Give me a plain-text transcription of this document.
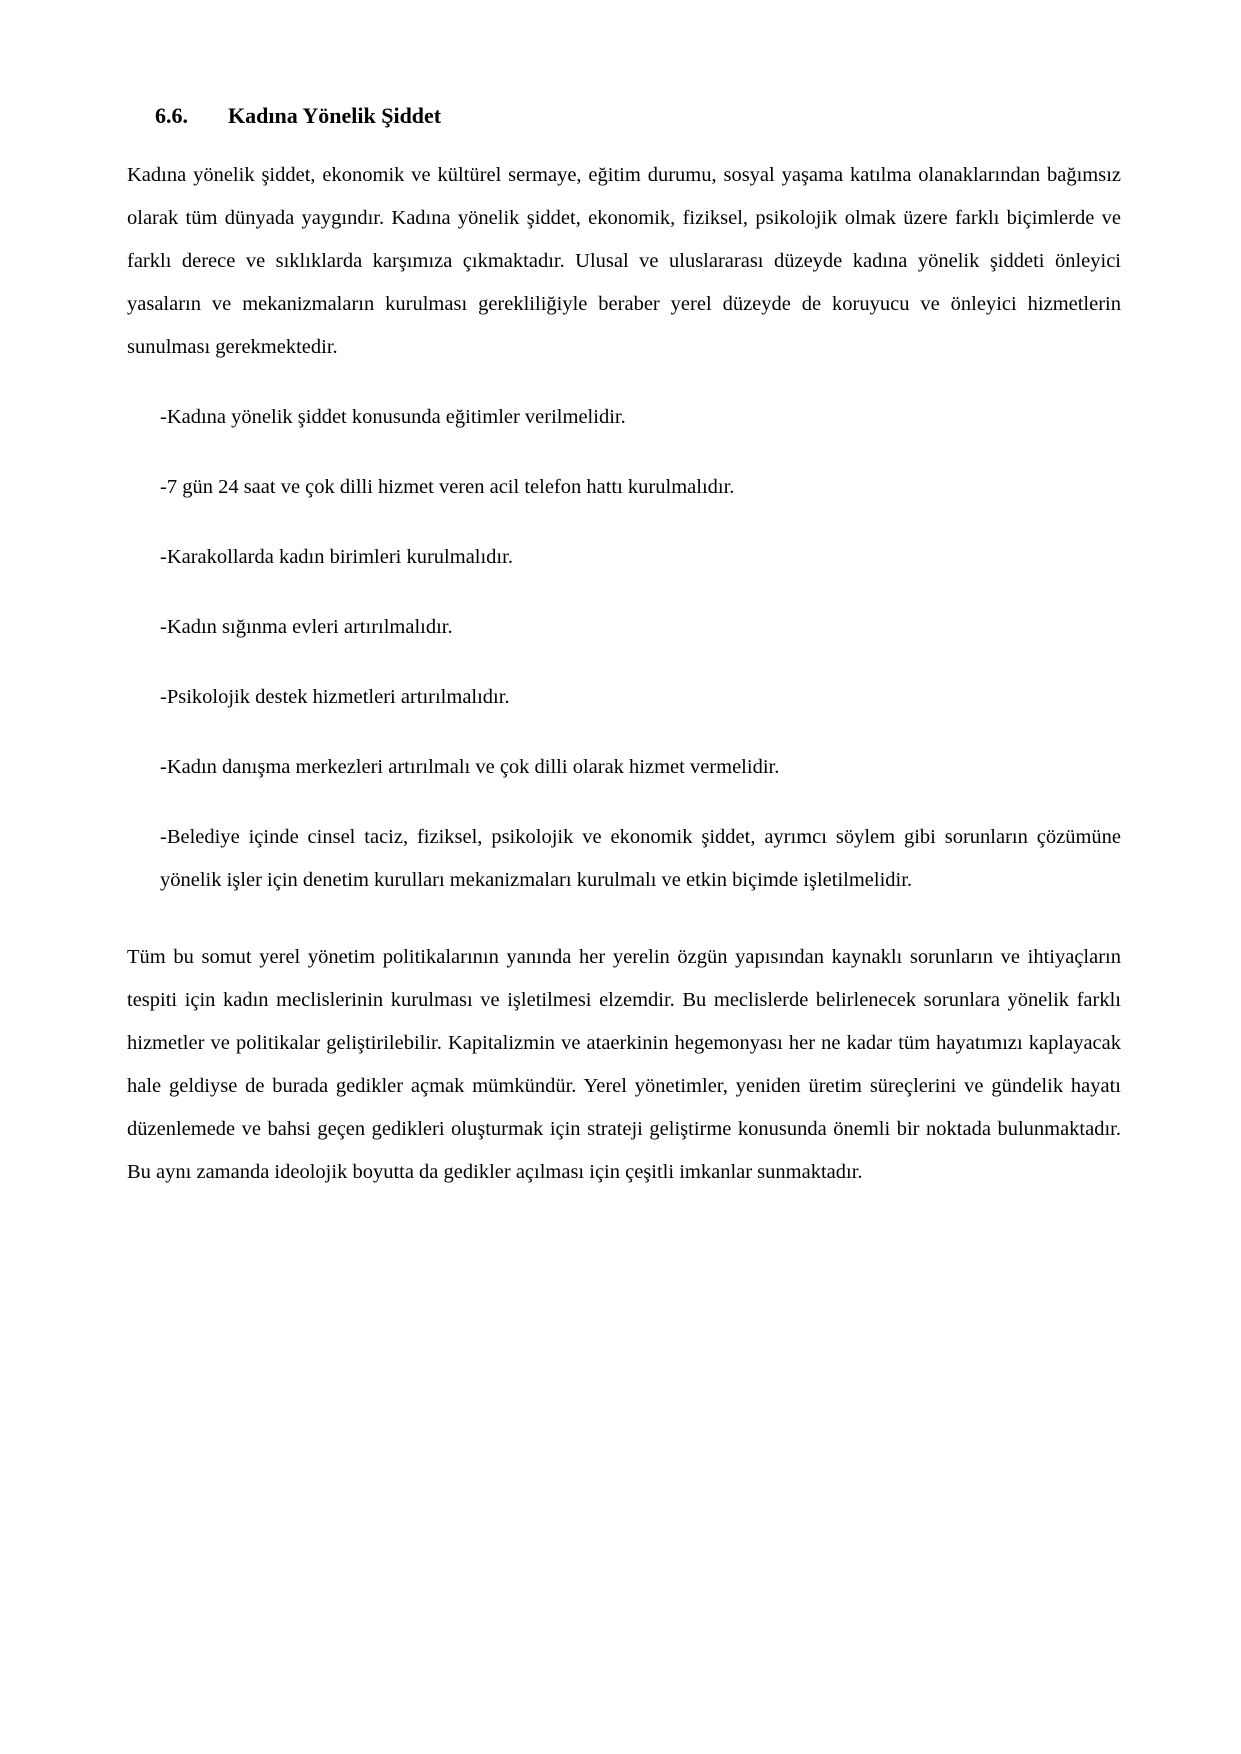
6.6. Kadına Yönelik Şiddet

Kadına yönelik şiddet, ekonomik ve kültürel sermaye, eğitim durumu, sosyal yaşama katılma olanaklarından bağımsız olarak tüm dünyada yaygındır. Kadına yönelik şiddet, ekonomik, fiziksel, psikolojik olmak üzere farklı biçimlerde ve farklı derece ve sıklıklarda karşımıza çıkmaktadır. Ulusal ve uluslararası düzeyde kadına yönelik şiddeti önleyici yasaların ve mekanizmaların kurulması gerekliliğiyle beraber yerel düzeyde de koruyucu ve önleyici hizmetlerin sunulması gerekmektedir.

-Kadına yönelik şiddet konusunda eğitimler verilmelidir.

-7 gün 24 saat ve çok dilli hizmet veren acil telefon hattı kurulmalıdır.

-Karakollarda kadın birimleri kurulmalıdır.

-Kadın sığınma evleri artırılmalıdır.

-Psikolojik destek hizmetleri artırılmalıdır.

-Kadın danışma merkezleri artırılmalı ve çok dilli olarak hizmet vermelidir.

-Belediye içinde cinsel taciz, fiziksel, psikolojik ve ekonomik şiddet, ayrımcı söylem gibi sorunların çözümüne yönelik işler için denetim kurulları mekanizmaları kurulmalı ve etkin biçimde işletilmelidir.

Tüm bu somut yerel yönetim politikalarının yanında her yerelin özgün yapısından kaynaklı sorunların ve ihtiyaçların tespiti için kadın meclislerinin kurulması ve işletilmesi elzemdir. Bu meclislerde belirlenecek sorunlara yönelik farklı hizmetler ve politikalar geliştirilebilir. Kapitalizmin ve ataerkinin hegemonyası her ne kadar tüm hayatımızı kaplayacak hale geldiyse de burada gedikler açmak mümkündür. Yerel yönetimler, yeniden üretim süreçlerini ve gündelik hayatı düzenlemede ve bahsi geçen gedikleri oluşturmak için strateji geliştirme konusunda önemli bir noktada bulunmaktadır. Bu aynı zamanda ideolojik boyutta da gedikler açılması için çeşitli imkanlar sunmaktadır.
